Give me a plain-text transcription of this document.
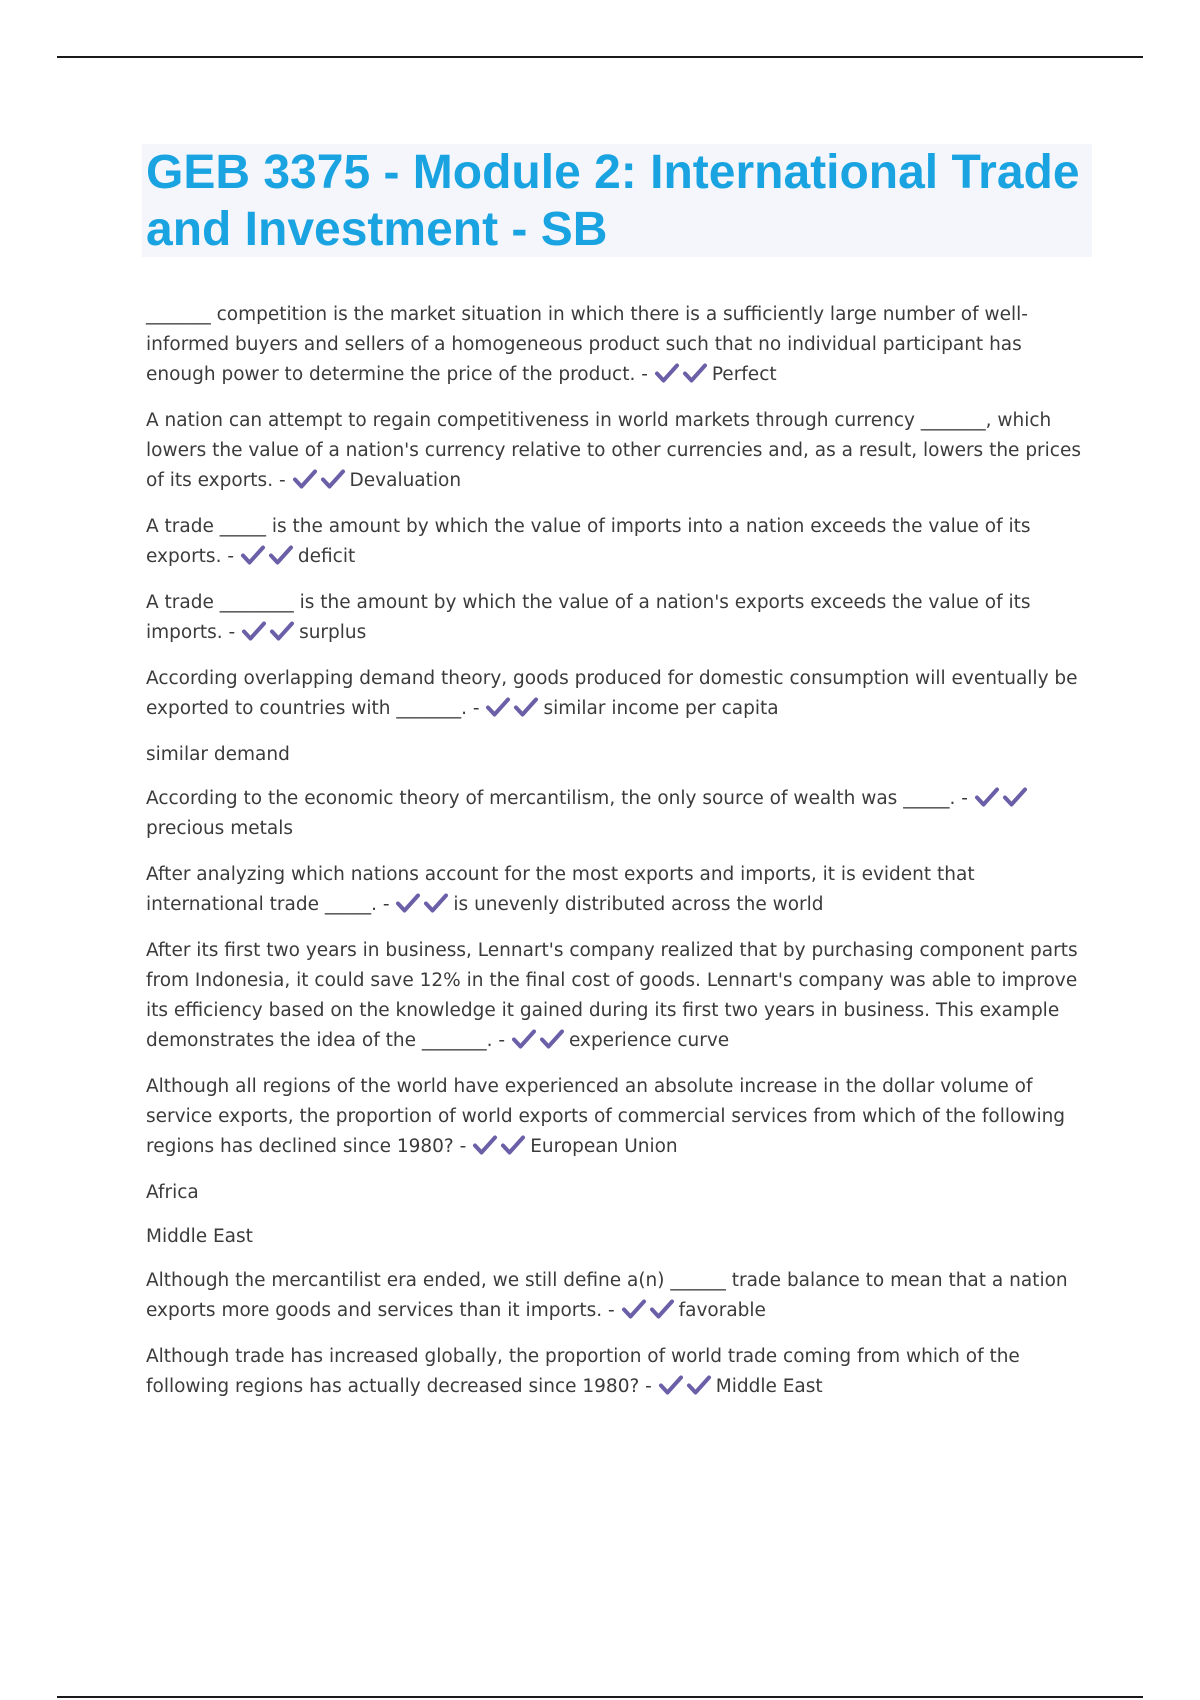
GEB 3375 - Module 2: International Trade and Investment - SB

_______ competition is the market situation in which there is a sufficiently large number of well-informed buyers and sellers of a homogeneous product such that no individual participant has enough power to determine the price of the product. -	Perfect

A nation can attempt to regain competitiveness in world markets through currency _______, which lowers the value of a nation's currency relative to other currencies and, as a result, lowers the prices of its exports. -	Devaluation

A trade _____ is the amount by which the value of imports into a nation exceeds the value of its exports. -	deficit

A trade ________ is the amount by which the value of a nation's exports exceeds the value of its imports. -	surplus

According overlapping demand theory, goods produced for domestic consumption will eventually be exported to countries with _______. -	similar income per capita

similar demand

According to the economic theory of mercantilism, the only source of wealth was _____. -
precious metals

After analyzing which nations account for the most exports and imports, it is evident that international trade _____. -	is unevenly distributed across the world

After its first two years in business, Lennart's company realized that by purchasing component parts from Indonesia, it could save 12% in the final cost of goods. Lennart's company was able to improve its efficiency based on the knowledge it gained during its first two years in business. This example demonstrates the idea of the _______. -	experience curve

Although all regions of the world have experienced an absolute increase in the dollar volume of service exports, the proportion of world exports of commercial services from which of the following regions has declined since 1980? -	European Union

Africa

Middle East

Although the mercantilist era ended, we still define a(n) ______ trade balance to mean that a nation exports more goods and services than it imports. -	favorable

Although trade has increased globally, the proportion of world trade coming from which of the following regions has actually decreased since 1980? -	Middle East
